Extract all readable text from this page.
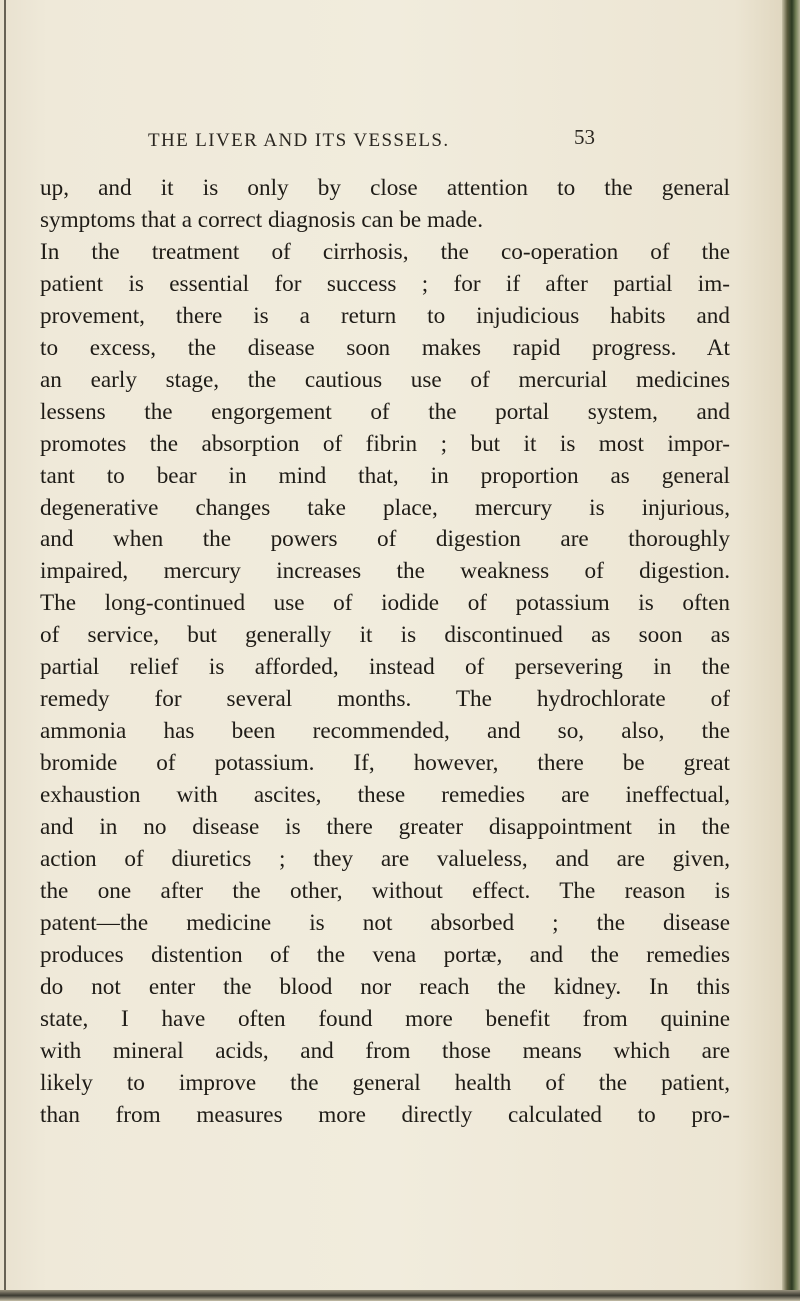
THE LIVER AND ITS VESSELS.	53
up, and it is only by close attention to the general
symptoms that a correct diagnosis can be made.
In the treatment of cirrhosis, the co-operation of the
patient is essential for success ; for if after partial im-
provement, there is a return to injudicious habits and
to excess, the disease soon makes rapid progress. At
an early stage, the cautious use of mercurial medicines
lessens the engorgement of the portal system, and
promotes the absorption of fibrin ; but it is most impor-
tant to bear in mind that, in proportion as general
degenerative changes take place, mercury is injurious,
and when the powers of digestion are thoroughly
impaired, mercury increases the weakness of digestion.
The long-continued use of iodide of potassium is often
of service, but generally it is discontinued as soon as
partial relief is afforded, instead of persevering in the
remedy for several months. The hydrochlorate of
ammonia has been recommended, and so, also, the
bromide of potassium. If, however, there be great
exhaustion with ascites, these remedies are ineffectual,
and in no disease is there greater disappointment in the
action of diuretics ; they are valueless, and are given,
the one after the other, without effect. The reason is
patent—the medicine is not absorbed ; the disease
produces distention of the vena portæ, and the remedies
do not enter the blood nor reach the kidney. In this
state, I have often found more benefit from quinine
with mineral acids, and from those means which are
likely to improve the general health of the patient,
than from measures more directly calculated to pro-
